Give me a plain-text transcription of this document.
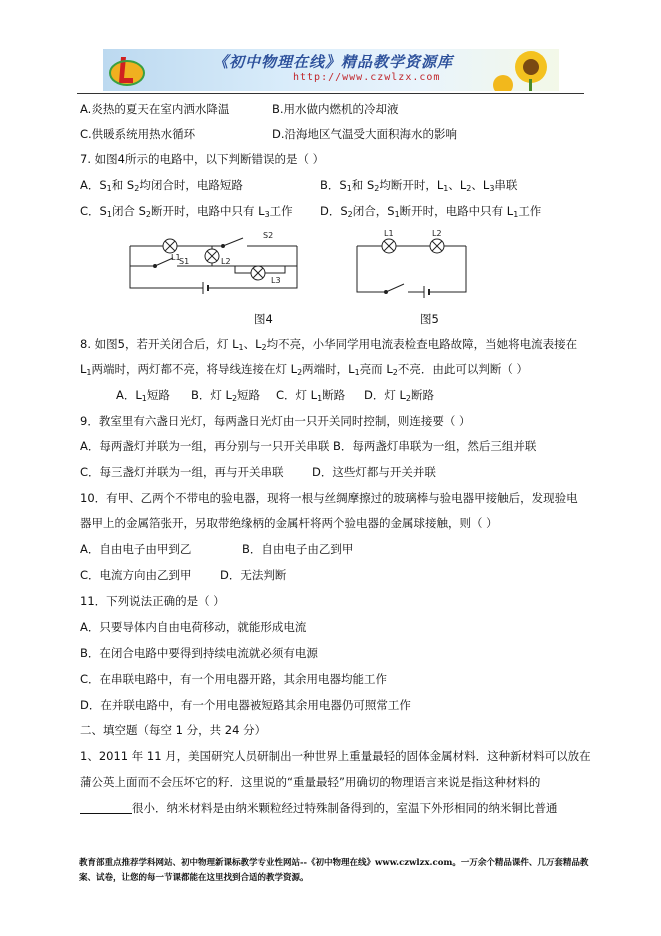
《初中物理在线》精品教学资源库
http://www.czwlzx.com
A.炎热的夏天在室内洒水降温	B.用水做内燃机的冷却液
C.供暖系统用热水循环	D.沿海地区气温受大面积海水的影响
7. 如图4所示的电路中，以下判断错误的是（ ）
A．$S_1$和 $S_2$均闭合时，电路短路	B．$S_1$和 $S_2$均断开时，$L_1$、$L_2$、$L_3$串联
C．$S_1$闭合 $S_2$断开时，电路中只有 $L_3$工作 D．$S_2$闭合，$S_1$断开时，电路中只有 $L_1$工作
L1	L2
L3
S1
S2
图4
L1	L2
图5
8. 如图5，若开关闭合后，灯 $L_1$、$L_2$均不亮，小华同学用电流表检查电路故障，当她将电流表接在
$L_1$两端时，两灯都不亮，将导线连接在灯 $L_2$两端时，$L_1$亮而 $L_2$不亮．由此可以判断（ ）
A．$L_1$短路 B．灯 $L_2$短路 C．灯 $L_1$断路 D．灯 $L_2$断路
9．教室里有六盏日光灯，每两盏日光灯由一只开关同时控制，则连接要（ ）
A．每两盏灯并联为一组，再分别与一只开关串联 B．每两盏灯串联为一组，然后三组并联
C．每三盏灯并联为一组，再与开关串联 D．这些灯都与开关并联
10．有甲、乙两个不带电的验电器，现将一根与丝绸摩擦过的玻璃棒与验电器甲接触后，发现验电
器甲上的金属箔张开，另取带绝缘柄的金属杆将两个验电器的金属球接触，则（ ）
A．自由电子由甲到乙	B．自由电子由乙到甲
C．电流方向由乙到甲 D．无法判断
11．下列说法正确的是（ ）
A．只要导体内自由电荷移动，就能形成电流
B．在闭合电路中要得到持续电流就必须有电源
C．在串联电路中，有一个用电器开路，其余用电器均能工作
D．在并联电路中，有一个用电器被短路其余用电器仍可照常工作
二、填空题（每空 1 分，共 24 分）
1、2011 年 11 月，美国研究人员研制出一种世界上重量最轻的固体金属材料．这种新材料可以放在
蒲公英上面而不会压坏它的籽．这里说的“重量最轻”用确切的物理语言来说是指这种材料的
很小．纳米材料是由纳米颗粒经过特殊制备得到的，室温下外形相同的纳米铜比普通
教育部重点推荐学科网站、初中物理新课标教学专业性网站--《初中物理在线》www.czwlzx.com。一万余个精品课件、几万套精品教案、试卷，让您的每一节课都能在这里找到合适的教学资源。
